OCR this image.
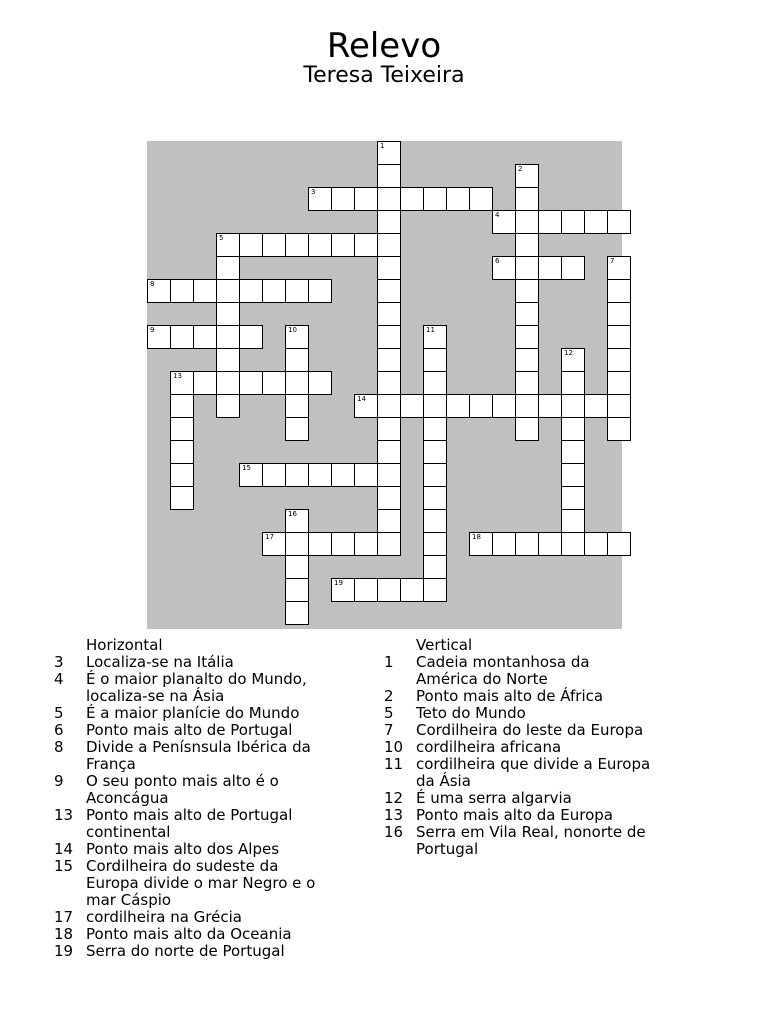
Relevo
Teresa Teixeira
1
2
3
4
5
6	7
8
9	10	11
12
13
14
15
16
17	18
19
Horizontal
3	Localiza-se na Itália
4	É o maior planalto do Mundo, localiza-se na Ásia
5	É a maior planície do Mundo
6	Ponto mais alto de Portugal
8	Divide a Penísnsula Ibérica da França
9	O seu ponto mais alto é o Aconcágua
13 Ponto mais alto de Portugal continental
14 Ponto mais alto dos Alpes
15 Cordilheira do sudeste da Europa divide o mar Negro e o mar Cáspio
17 cordilheira na Grécia
18 Ponto mais alto da Oceania
19 Serra do norte de Portugal
Vertical
1	Cadeia montanhosa da América do Norte
2	Ponto mais alto de África
5	Teto do Mundo
7	Cordilheira do leste da Europa
10 cordilheira africana
11 cordilheira que divide a Europa da Ásia
12 É uma serra algarvia
13 Ponto mais alto da Europa
16 Serra em Vila Real, nonorte de Portugal
